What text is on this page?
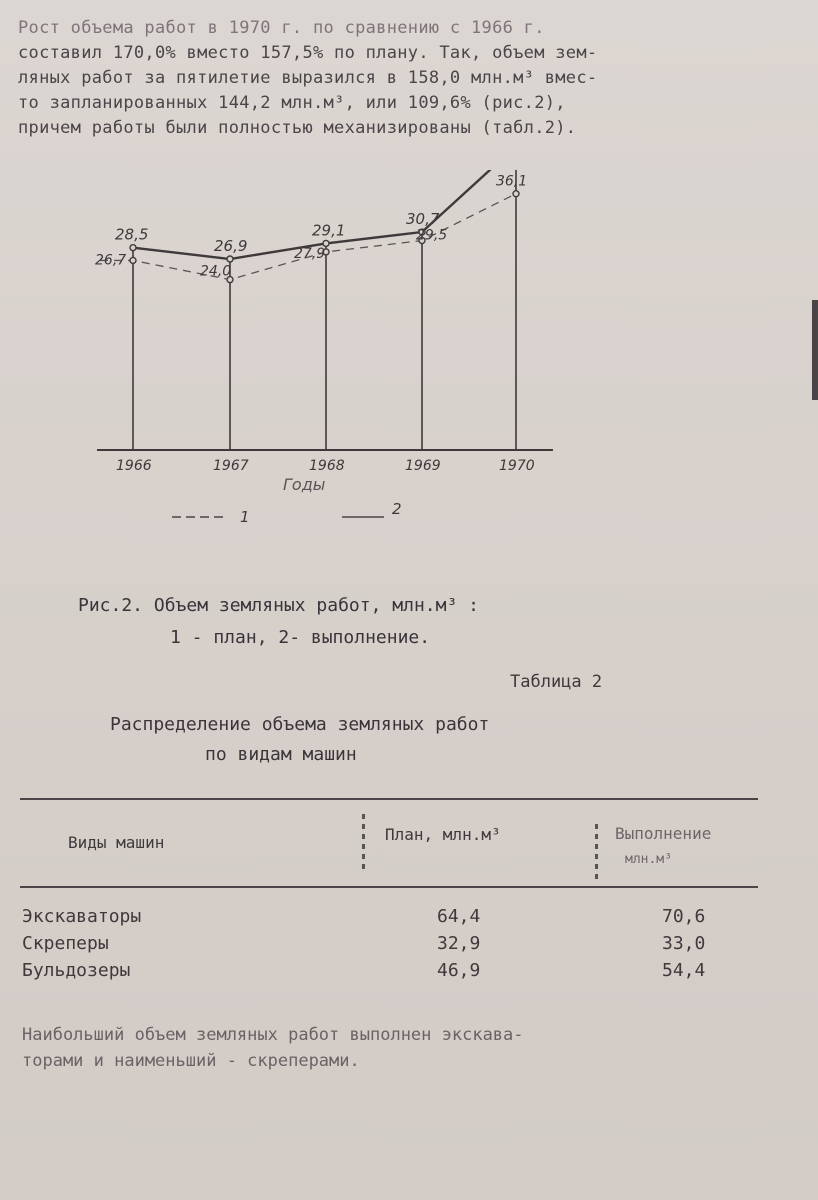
Рост объема работ в 1970 г. по сравнению с 1966 г.

составил 170,0% вместо 157,5% по плану. Так, объем зем-

ляных работ за пятилетие выразился в 158,0 млн.м³ вмес-

то запланированных 144,2 млн.м³, или 109,6% (рис.2),

причем работы были полностью механизированы (табл.2).

28,5
26,9
29,1
30,7
26,7
24,0
27,9
29,5
36,1
1966	1967	1968	1969	1970
Годы
1	2
Рис.2. Объем земляных работ, млн.м³ :
1 - план, 2- выполнение.
Таблица 2
Распределение объема земляных работ
по видам машин
Виды машин	План, млн.м³	Выполнение
млн.м³
Экскаваторы	64,4	70,6
Скреперы	32,9	33,0
Бульдозеры	46,9	54,4

Наибольший объем земляных работ выполнен экскава-

торами и наименьший - скреперами.
